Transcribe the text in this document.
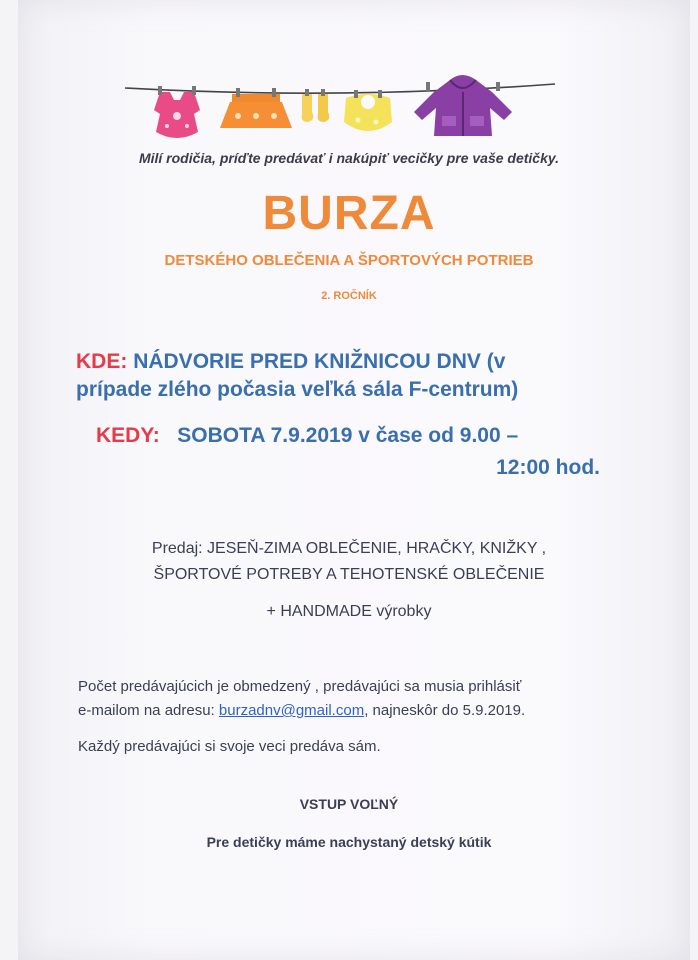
Milí rodičia, príďte predávať i nakúpiť vecičky pre vaše detičky.
BURZA
DETSKÉHO OBLEČENIA A ŠPORTOVÝCH POTRIEB
2. ROČNÍK
KDE: NÁDVORIE PRED KNIŽNICOU DNV (v
prípade zlého počasia veľká sála F-centrum)
KEDY: SOBOTA 7.9.2019 v čase od 9.00 –
12:00 hod.
Predaj: JESEŇ-ZIMA OBLEČENIE, HRAČKY, KNIŽKY ,
ŠPORTOVÉ POTREBY A TEHOTENSKÉ OBLEČENIE
+ HANDMADE výrobky
Počet predávajúcich je obmedzený , predávajúci sa musia prihlásiť
e-mailom na adresu: burzadnv@gmail.com, najneskôr do 5.9.2019.
Každý predávajúci si svoje veci predáva sám.
VSTUP VOĽNÝ
Pre detičky máme nachystaný detský kútik
